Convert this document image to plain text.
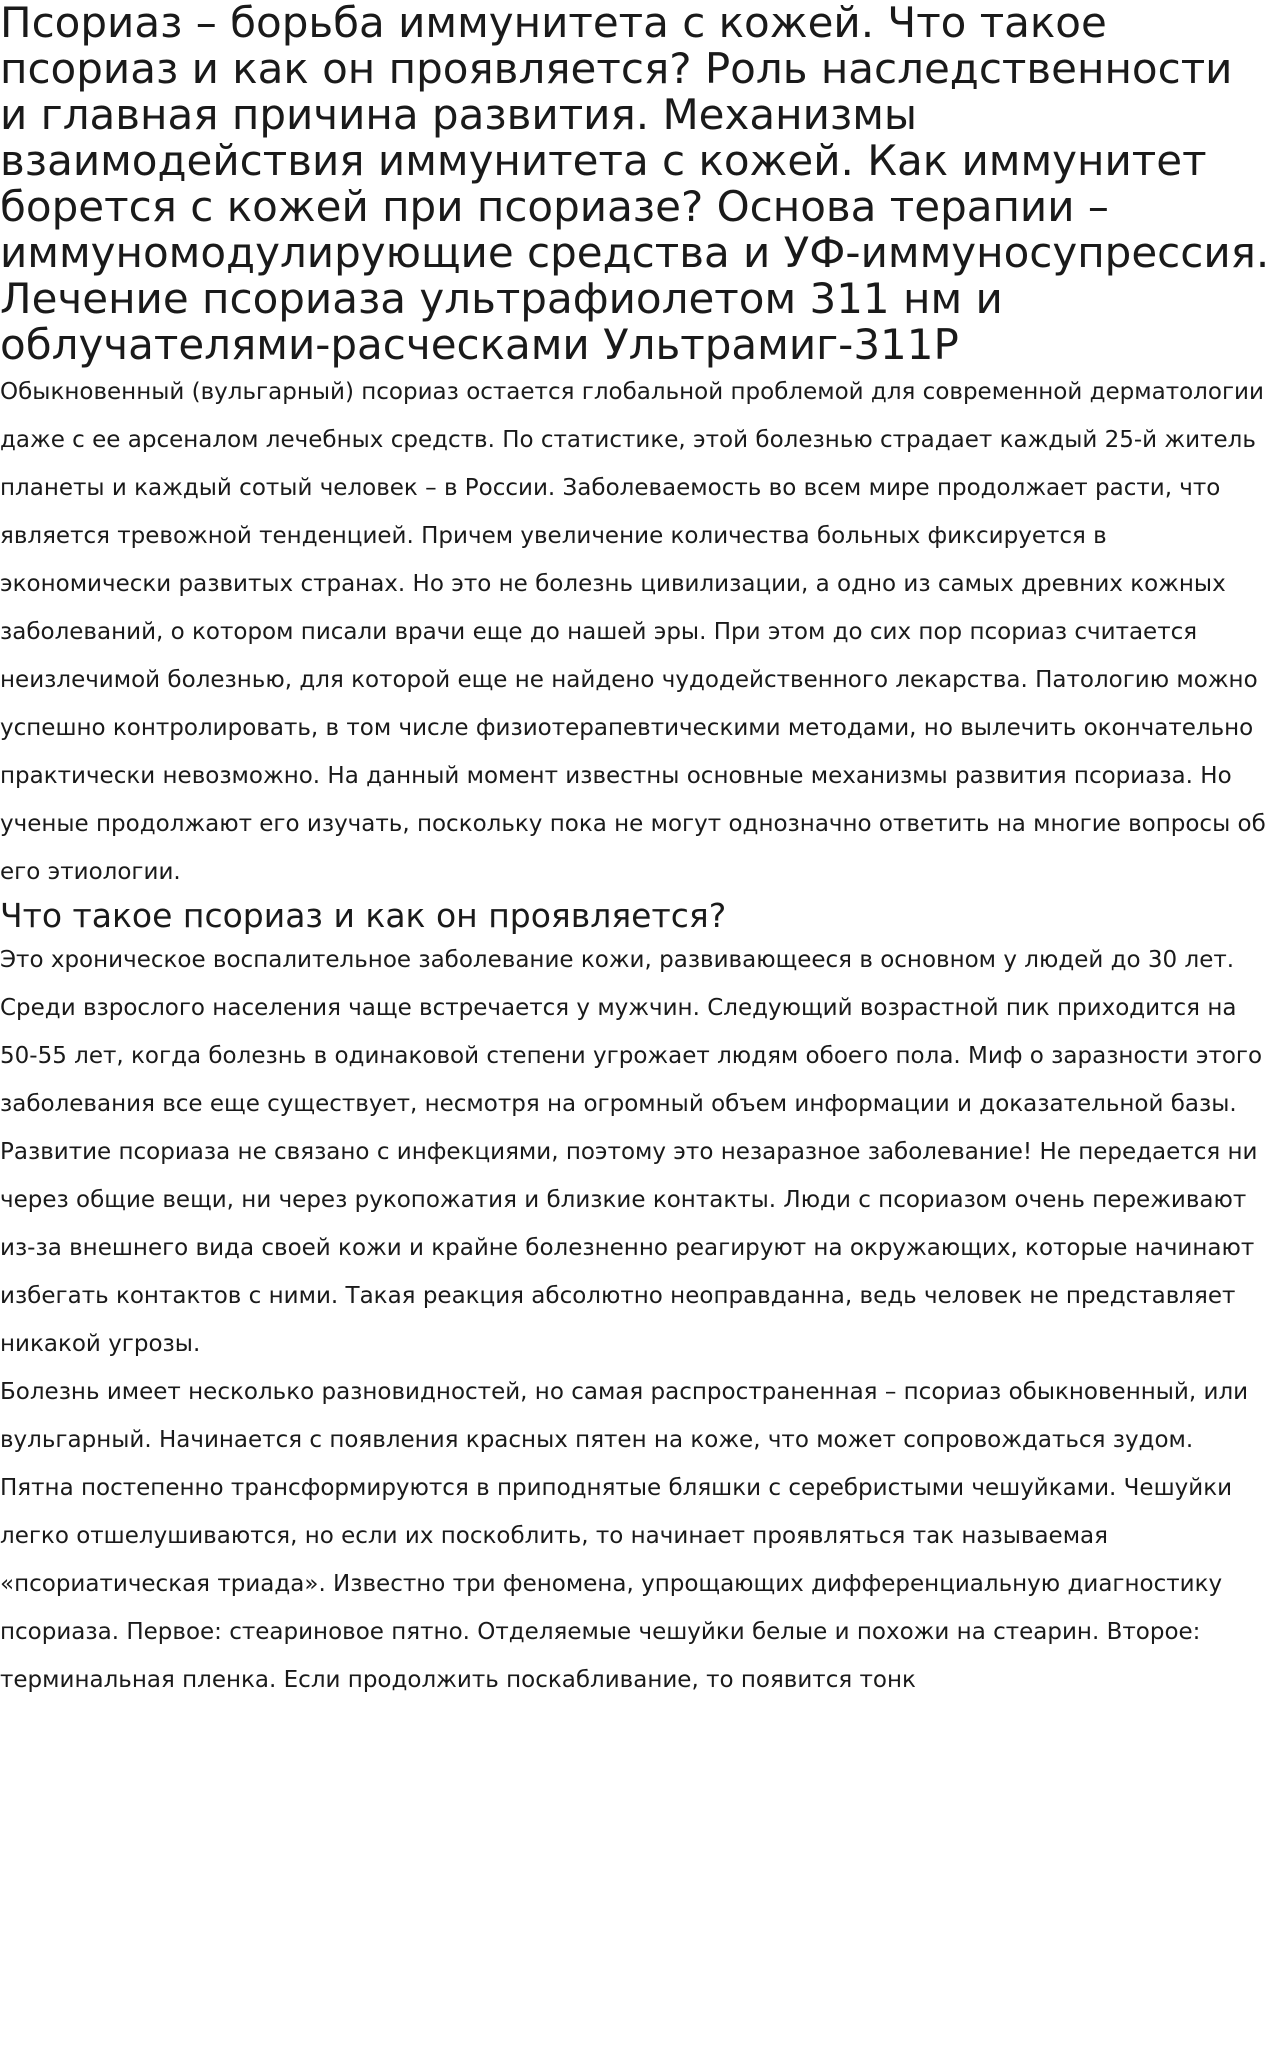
Псориаз – борьба иммунитета с кожей. Что такое псориаз и как он проявляется? Роль наследственности и главная причина развития. Механизмы взаимодействия иммунитета с кожей. Как иммунитет борется с кожей при псориазе? Основа терапии – иммуномодулирующие средства и УФ-иммуносупрессия. Лечение псориаза ультрафиолетом 311 нм и облучателями-расческами Ультрамиг-311Р

Обыкновенный (вульгарный) псориаз остается глобальной проблемой для современной дерматологии даже с ее арсеналом лечебных средств. По статистике, этой болезнью страдает каждый 25-й житель планеты и каждый сотый человек – в России. Заболеваемость во всем мире продолжает расти, что является тревожной тенденцией. Причем увеличение количества больных фиксируется в экономически развитых странах. Но это не болезнь цивилизации, а одно из самых древних кожных заболеваний, о котором писали врачи еще до нашей эры. При этом до сих пор псориаз считается неизлечимой болезнью, для которой еще не найдено чудодейственного лекарства. Патологию можно успешно контролировать, в том числе физиотерапевтическими методами, но вылечить окончательно практически невозможно. На данный момент известны основные механизмы развития псориаза. Но ученые продолжают его изучать, поскольку пока не могут однозначно ответить на многие вопросы об его этиологии.

Что такое псориаз и как он проявляется?

Это хроническое воспалительное заболевание кожи, развивающееся в основном у людей до 30 лет. Среди взрослого населения чаще встречается у мужчин. Следующий возрастной пик приходится на 50-55 лет, когда болезнь в одинаковой степени угрожает людям обоего пола. Миф о заразности этого заболевания все еще существует, несмотря на огромный объем информации и доказательной базы. Развитие псориаза не связано с инфекциями, поэтому это незаразное заболевание! Не передается ни через общие вещи, ни через рукопожатия и близкие контакты. Люди с псориазом очень переживают из-за внешнего вида своей кожи и крайне болезненно реагируют на окружающих, которые начинают избегать контактов с ними. Такая реакция абсолютно неоправданна, ведь человек не представляет никакой угрозы.

Болезнь имеет несколько разновидностей, но самая распространенная – псориаз обыкновенный, или вульгарный. Начинается с появления красных пятен на коже, что может сопровождаться зудом. Пятна постепенно трансформируются в приподнятые бляшки с серебристыми чешуйками. Чешуйки легко отшелушиваются, но если их поскоблить, то начинает проявляться так называемая «псориатическая триада». Известно три феномена, упрощающих дифференциальную диагностику псориаза. Первое: стеариновое пятно. Отделяемые чешуйки белые и похожи на стеарин. Второе: терминальная пленка. Если продолжить поскабливание, то появится тонк
